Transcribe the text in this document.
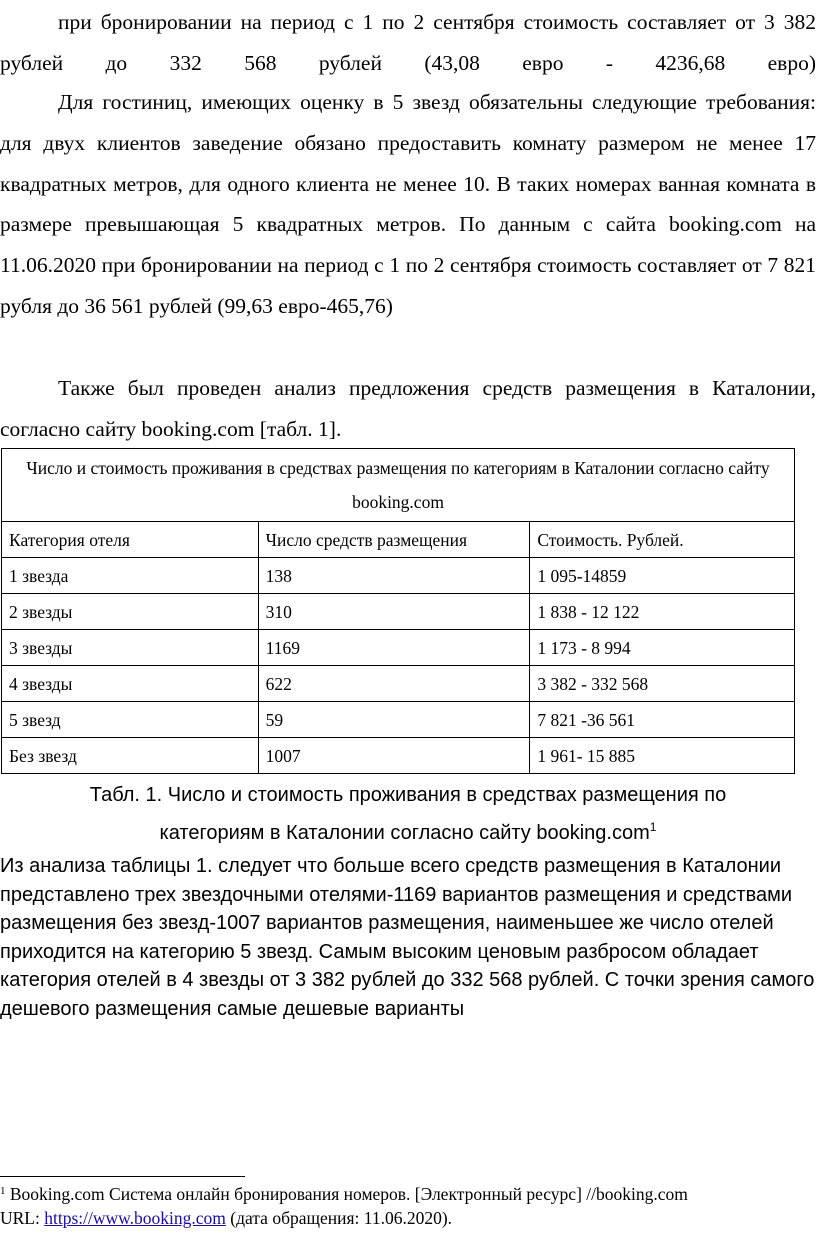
при бронировании на период с 1 по 2 сентября стоимость составляет от 3 382 рублей до 332 568 рублей (43,08 евро - 4236,68 евро)

Для гостиниц, имеющих оценку в 5 звезд обязательны следующие требования: для двух клиентов заведение обязано предоставить комнату размером не менее 17 квадратных метров, для одного клиента не менее 10. В таких номерах ванная комната в размере превышающая 5 квадратных метров. По данным с сайта booking.com на 11.06.2020 при бронировании на период с 1 по 2 сентября стоимость составляет от 7 821 рубля до 36 561 рублей (99,63 евро-465,76)

Также был проведен анализ предложения средств размещения в Каталонии, согласно сайту booking.com [табл. 1].

Число и стоимость проживания в средствах размещения по категориям в Каталонии согласно сайту booking.com		
Категория отеля	Число средств размещения	Стоимость. Рублей.
1 звезда	138	1 095-14859
2 звезды	310	1 838 - 12 122
3 звезды	1169	1 173 - 8 994
4 звезды	622	3 382 - 332 568
5 звезд	59	7 821 -36 561
Без звезд	1007	1 961- 15 885
Табл. 1. Число и стоимость проживания в средствах размещения по
категориям в Каталонии согласно сайту booking.com$^1$

Из анализа таблицы 1. следует что больше всего средств размещения в Каталонии представлено трех звездочными отелями-1169 вариантов размещения и средствами размещения без звезд-1007 вариантов размещения, наименьшее же число отелей приходится на категорию 5 звезд. Самым высоким ценовым разбросом обладает категория отелей в 4 звезды от 3 382 рублей до 332 568 рублей. С точки зрения самого дешевого размещения самые дешевые варианты

$^1$ Booking.com Система онлайн бронирования номеров. [Электронный ресурс] //booking.com
URL: https://www.booking.com (дата обращения: 11.06.2020).
